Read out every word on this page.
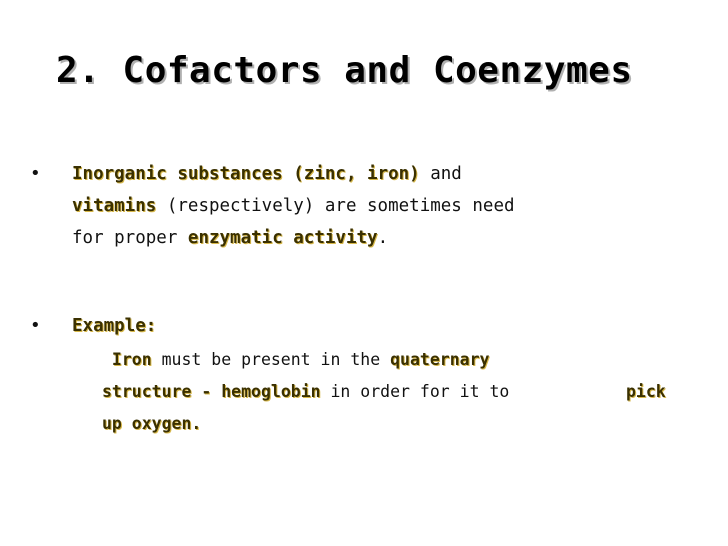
2. Cofactors and Coenzymes
• Inorganic substances (zinc, iron) and
vitamins (respectively) are sometimes need
for proper enzymatic activity.
• Example:
Iron must be present in the quaternary
structure - hemoglobin in order for it to	pick
up oxygen.
